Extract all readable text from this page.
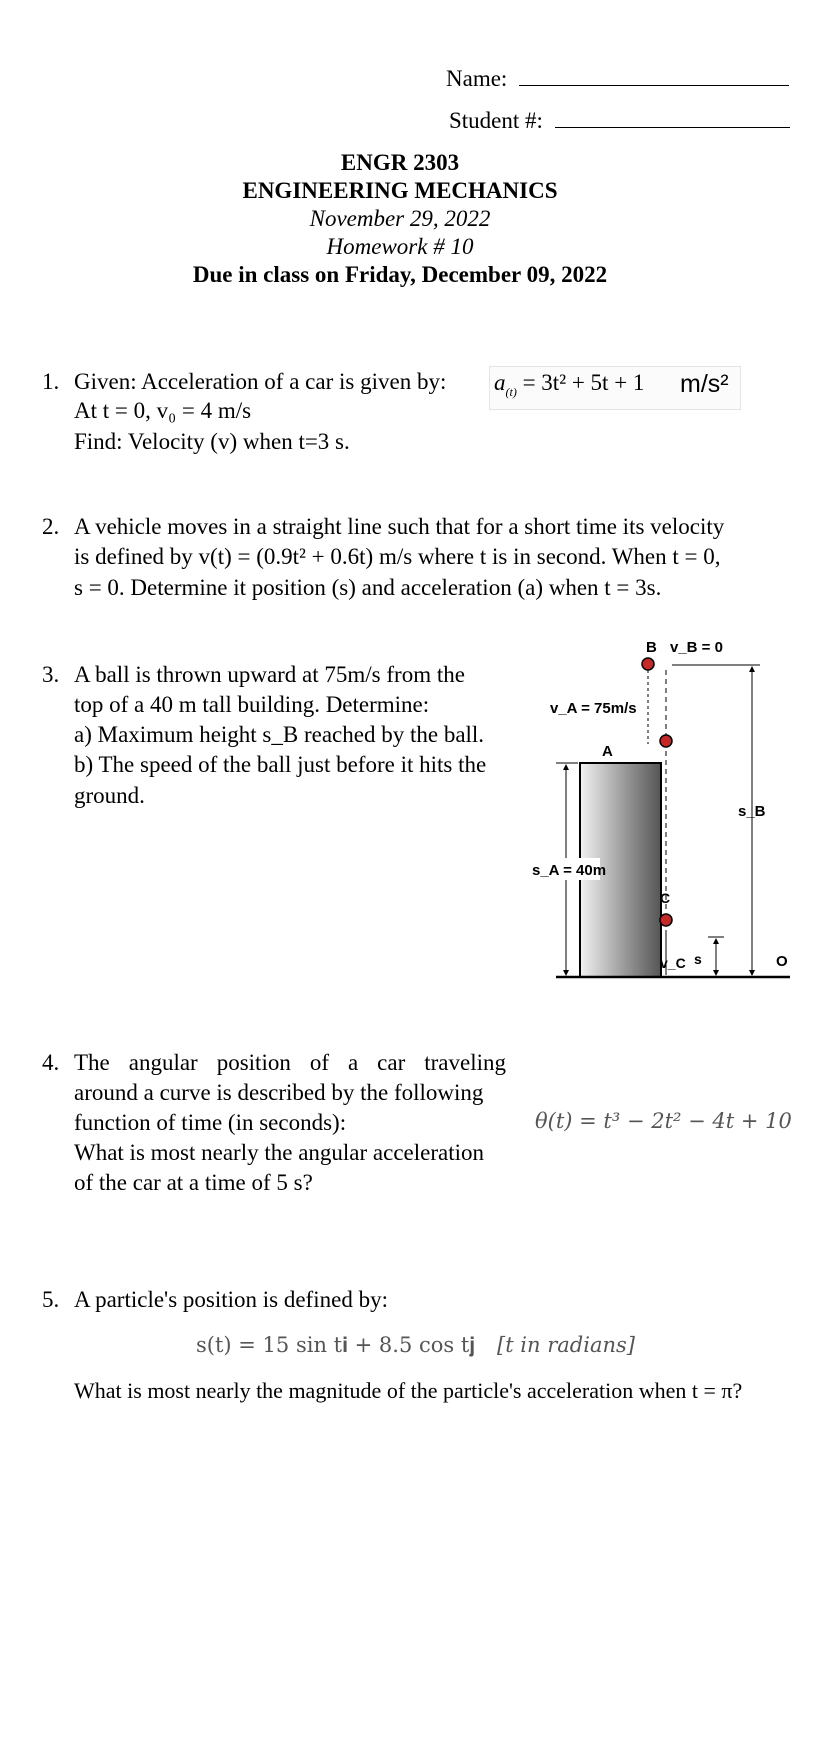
Name:
Student #:
ENGR 2303
ENGINEERING MECHANICS
November 29, 2022
Homework # 10
Due in class on Friday, December 09, 2022
1. Given: Acceleration of a car is given by: $a_{(t)} = 3t^2 + 5t + 1$ m/s²
At t = 0, v₀ = 4 m/s
Find: Velocity (v) when t=3 s.
2. A vehicle moves in a straight line such that for a short time its velocity
is defined by v(t) = (0.9t² + 0.6t) m/s where t is in second. When t = 0,
s = 0. Determine it position (s) and acceleration (a) when t = 3s.
3. A ball is thrown upward at 75m/s from the
top of a 40 m tall building. Determine:
a) Maximum height s_B reached by the ball.
b) The speed of the ball just before it hits the
ground.
s_A = 40m
s_B
s
B v_B = 0
v_A = 75m/s
A
C
v_C	O
4. The angular position of a car traveling
around a curve is described by the following
function of time (in seconds):
What is most nearly the angular acceleration
of the car at a time of 5 s?
θ(t) = t³ − 2t² − 4t + 10
5. A particle's position is defined by:
s(t) = 15 sin t𝐢 + 8.5 cos t𝐣 [t in radians]
What is most nearly the magnitude of the particle's acceleration when t = π?
